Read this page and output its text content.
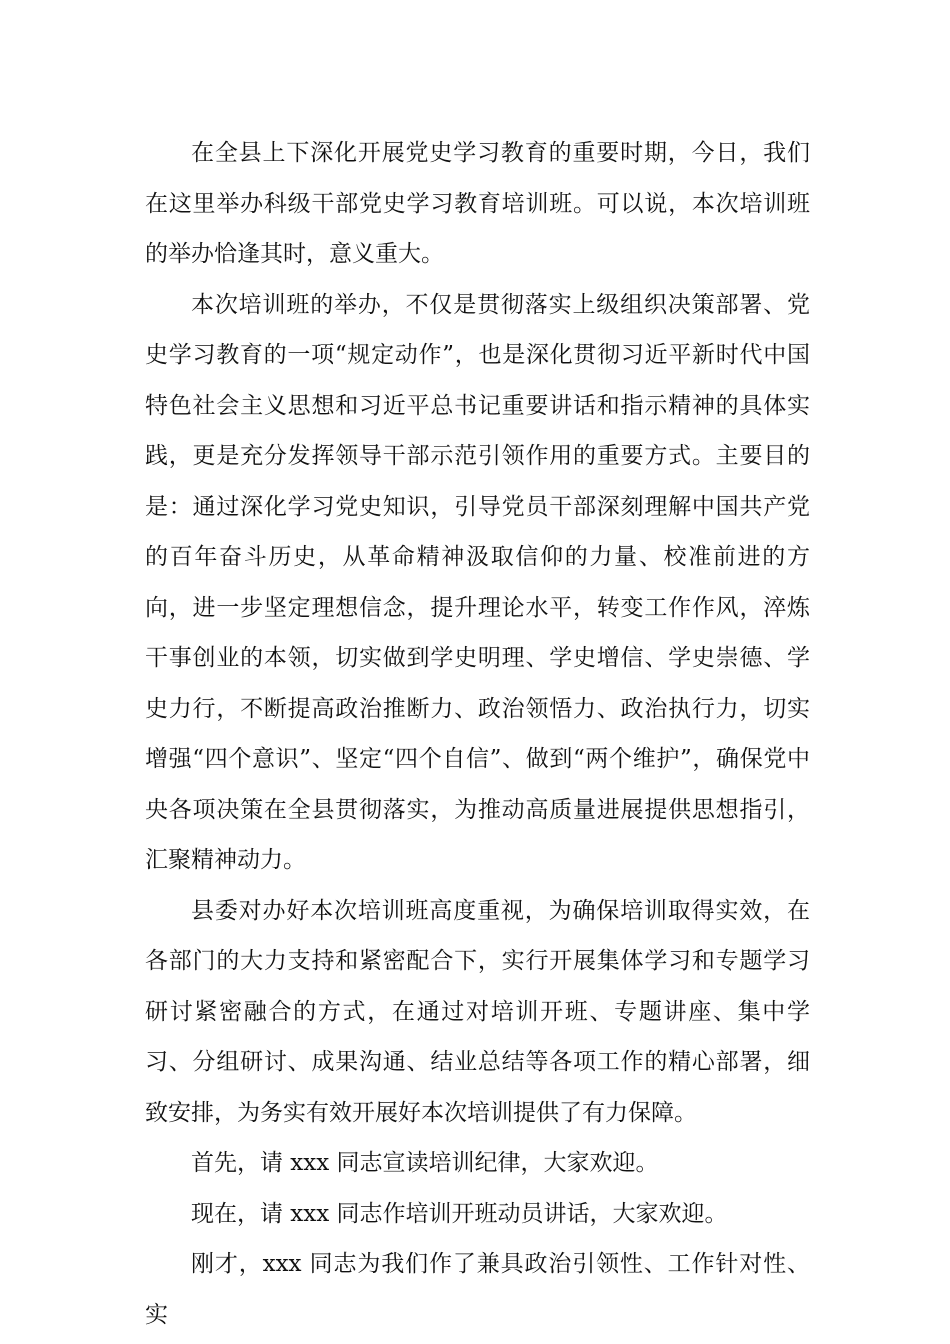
在全县上下深化开展党史学习教育的重要时期，今日，我们在这里举办科级干部党史学习教育培训班。可以说，本次培训班的举办恰逢其时，意义重大。

本次培训班的举办，不仅是贯彻落实上级组织决策部署、党史学习教育的一项“规定动作”，也是深化贯彻习近平新时代中国特色社会主义思想和习近平总书记重要讲话和指示精神的具体实践，更是充分发挥领导干部示范引领作用的重要方式。主要目的是：通过深化学习党史知识，引导党员干部深刻理解中国共产党的百年奋斗历史，从革命精神汲取信仰的力量、校准前进的方向，进一步坚定理想信念，提升理论水平，转变工作作风，淬炼干事创业的本领，切实做到学史明理、学史增信、学史崇德、学史力行，不断提高政治推断力、政治领悟力、政治执行力，切实增强“四个意识”、坚定“四个自信”、做到“两个维护”，确保党中央各项决策在全县贯彻落实，为推动高质量进展提供思想指引，汇聚精神动力。

县委对办好本次培训班高度重视，为确保培训取得实效，在各部门的大力支持和紧密配合下，实行开展集体学习和专题学习研讨紧密融合的方式，在通过对培训开班、专题讲座、集中学习、分组研讨、成果沟通、结业总结等各项工作的精心部署，细致安排，为务实有效开展好本次培训提供了有力保障。

首先，请 xxx 同志宣读培训纪律，大家欢迎。

现在，请 xxx 同志作培训开班动员讲话，大家欢迎。

刚才，xxx 同志为我们作了兼具政治引领性、工作针对性、实
